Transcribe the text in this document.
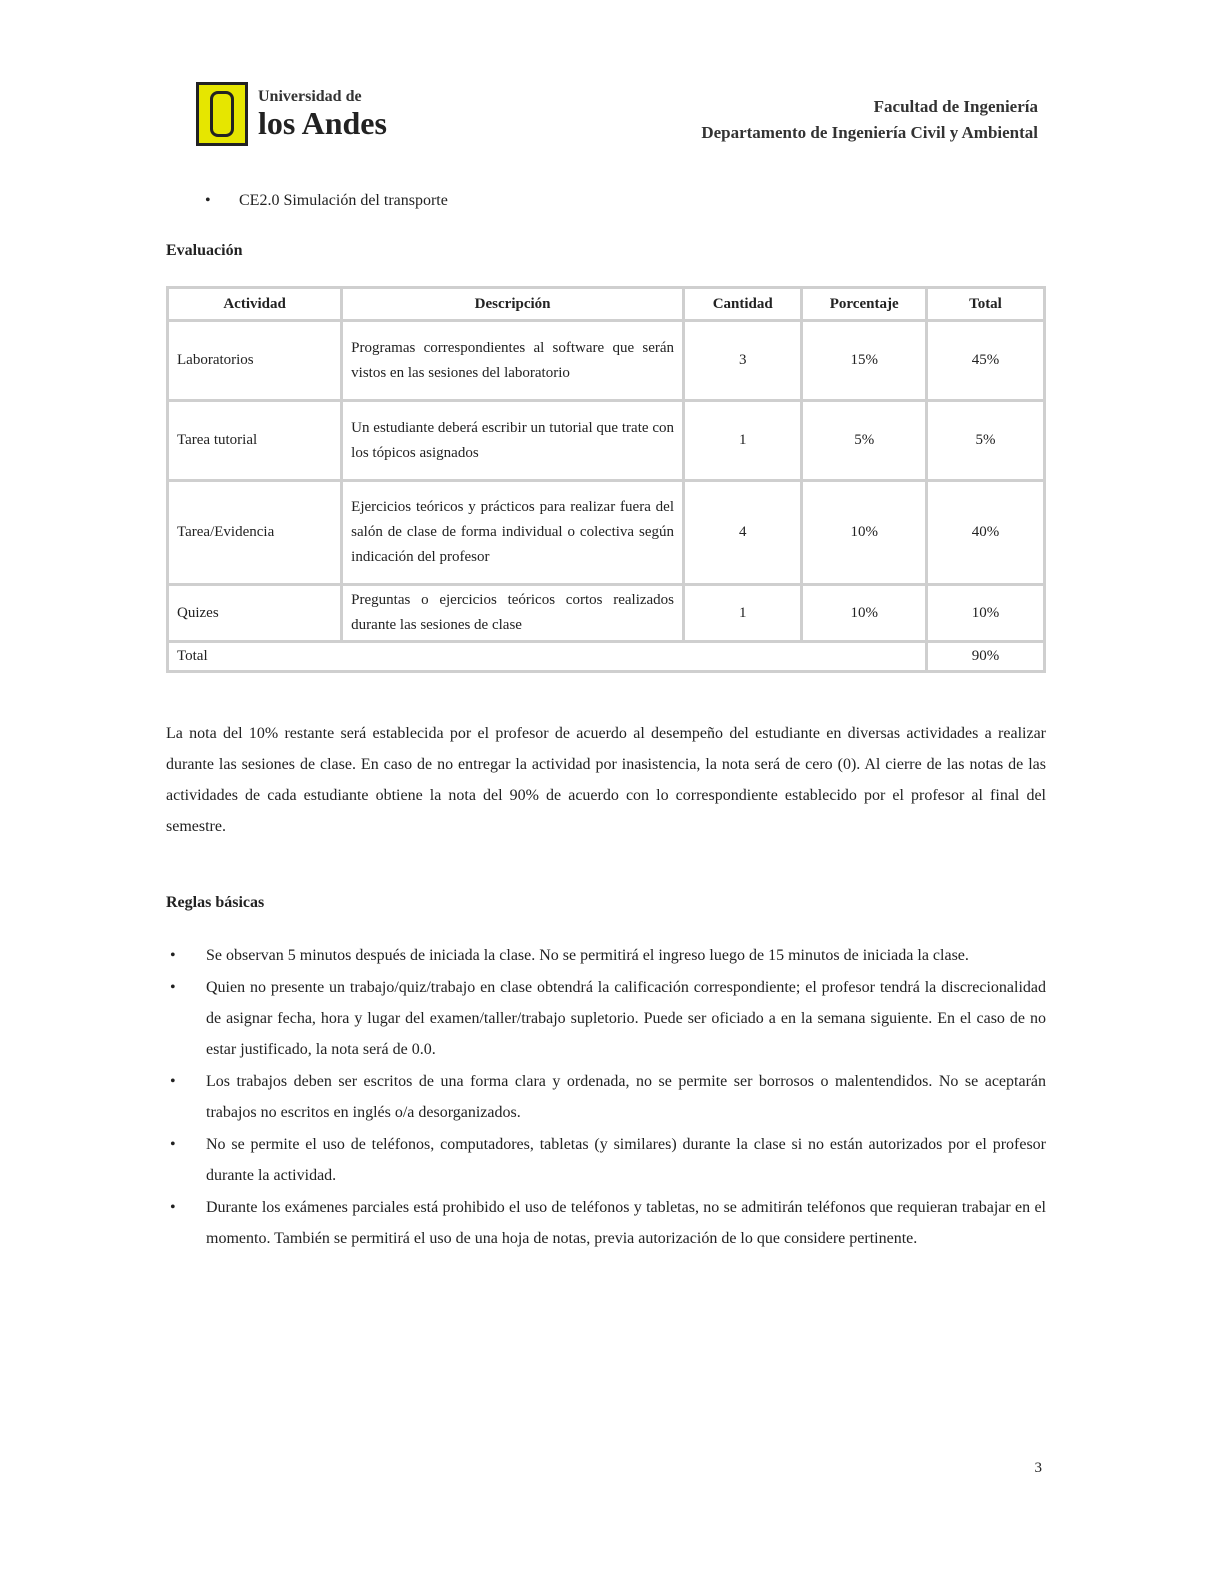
Universidad de
los Andes	Facultad de Ingeniería
Departamento de Ingeniería Civil y Ambiental
• CE2.0 Simulación del transporte
Evaluación
Actividad	Descripción	Cantidad	Porcentaje	Total
Laboratorios	Programas correspondientes al software que serán vistos en las sesiones del laboratorio	3	15%	45%
Tarea tutorial	Un estudiante deberá escribir un tutorial que trate con los tópicos asignados	1	5%	5%
Tarea/Evidencia	Ejercicios teóricos y prácticos para realizar fuera del salón de clase de forma individual o colectiva según indicación del profesor	4	10%	40%
Quizes	Preguntas o ejercicios teóricos cortos realizados durante las sesiones de clase	1	10%	10%
Total				90%
La nota del 10% restante será establecida por el profesor de acuerdo al desempeño del estudiante en diversas actividades a realizar durante las sesiones de clase. En caso de no entregar la actividad por inasistencia, la nota será de cero (0). Al cierre de las notas de las actividades de cada estudiante obtiene la nota del 90% de acuerdo con lo correspondiente establecido por el profesor al final del semestre.
Reglas básicas
• Se observan 5 minutos después de iniciada la clase. No se permitirá el ingreso luego de 15 minutos de iniciada la clase.
• Quien no presente un trabajo/quiz/trabajo en clase obtendrá la calificación correspondiente; el profesor tendrá la discrecionalidad de asignar fecha, hora y lugar del examen/taller/trabajo supletorio. Puede ser oficiado a en la semana siguiente. En el caso de no estar justificado, la nota será de 0.0.
• Los trabajos deben ser escritos de una forma clara y ordenada, no se permite ser borrosos o malentendidos. No se aceptarán trabajos no escritos en inglés o/a desorganizados.
• No se permite el uso de teléfonos, computadores, tabletas (y similares) durante la clase si no están autorizados por el profesor durante la actividad.
• Durante los exámenes parciales está prohibido el uso de teléfonos y tabletas, no se admitirán teléfonos que requieran trabajar en el momento. También se permitirá el uso de una hoja de notas, previa autorización de lo que considere pertinente.
3
